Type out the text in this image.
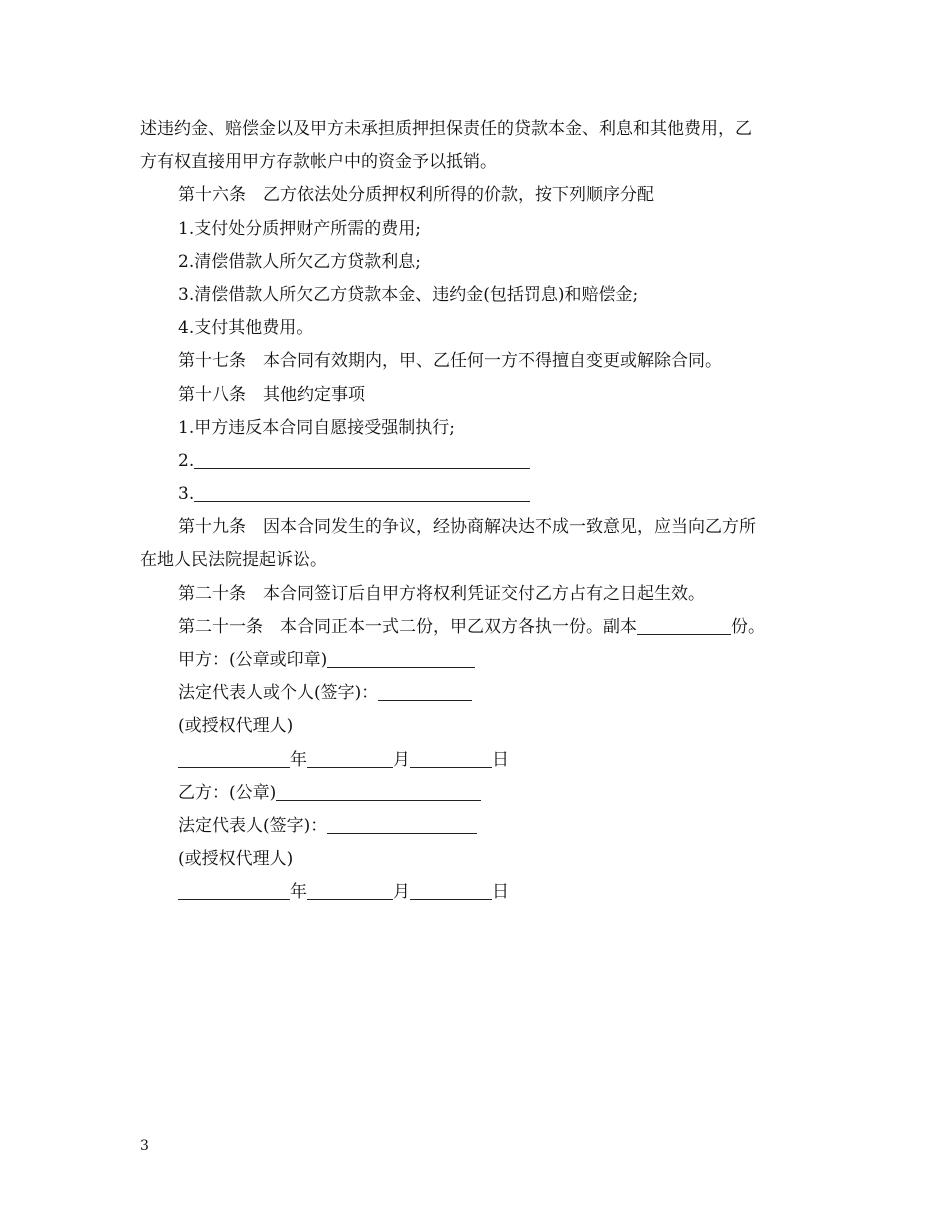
述违约金、赔偿金以及甲方未承担质押担保责任的贷款本金、利息和其他费用，乙
方有权直接用甲方存款帐户中的资金予以抵销。
第十六条　乙方依法处分质押权利所得的价款，按下列顺序分配
1.支付处分质押财产所需的费用;
2.清偿借款人所欠乙方贷款利息;
3.清偿借款人所欠乙方贷款本金、违约金(包括罚息)和赔偿金;
4.支付其他费用。
第十七条　本合同有效期内，甲、乙任何一方不得擅自变更或解除合同。
第十八条　其他约定事项
1.甲方违反本合同自愿接受强制执行;
2.
3.
第十九条　因本合同发生的争议，经协商解决达不成一致意见，应当向乙方所
在地人民法院提起诉讼。
第二十条　本合同签订后自甲方将权利凭证交付乙方占有之日起生效。
第二十一条　本合同正本一式二份，甲乙双方各执一份。副本	份。
甲方：(公章或印章)
法定代表人或个人(签字)：
(或授权代理人)
年	月	日
乙方：(公章)
法定代表人(签字)：
(或授权代理人)
年	月	日
3
